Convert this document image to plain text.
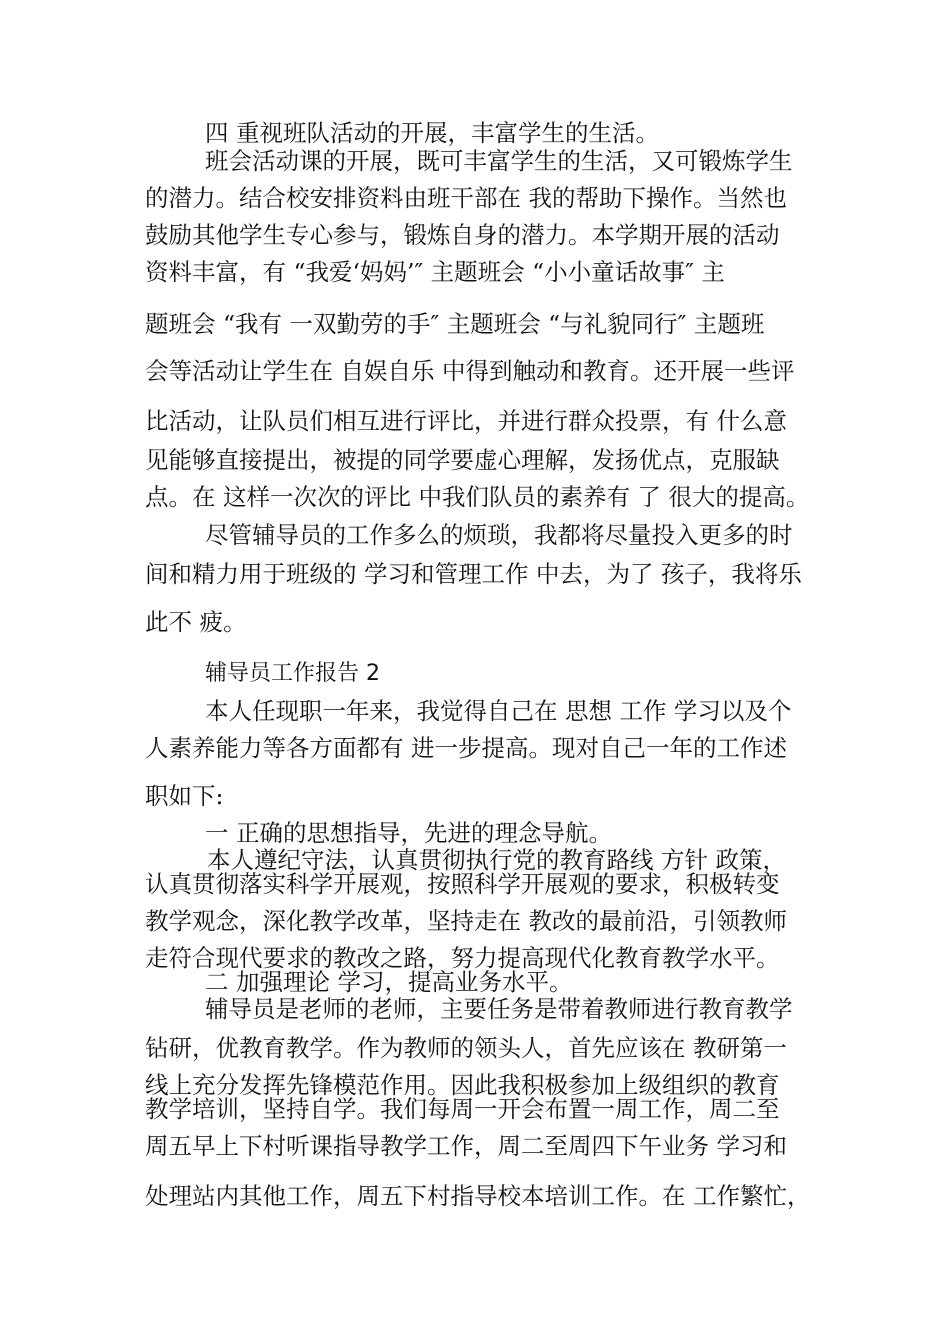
四 重视班队活动的开展，丰富学生的生活。

班会活动课的开展，既可丰富学生的生活，又可锻炼学生

的潜力。结合校安排资料由班干部在 我的帮助下操作。当然也

鼓励其他学生专心参与，锻炼自身的潜力。本学期开展的活动

资料丰富，有 “我爱‘妈妈’″ 主题班会 “小小童话故事″ 主

题班会 “我有 一双勤劳的手″ 主题班会 “与礼貌同行″ 主题班

会等活动让学生在 自娱自乐 中得到触动和教育。还开展一些评

比活动，让队员们相互进行评比，并进行群众投票，有 什么意

见能够直接提出，被提的同学要虚心理解，发扬优点，克服缺

点。在 这样一次次的评比 中我们队员的素养有 了 很大的提高。

尽管辅导员的工作多么的烦琐，我都将尽量投入更多的时

间和精力用于班级的 学习和管理工作 中去，为了 孩子，我将乐

此不 疲。

辅导员工作报告 2

本人任现职一年来，我觉得自己在 思想 工作 学习以及个

人素养能力等各方面都有 进一步提高。现对自己一年的工作述

职如下:

一 正确的思想指导，先进的理念导航。

本人遵纪守法，认真贯彻执行党的教育路线 方针 政策，

认真贯彻落实科学开展观，按照科学开展观的要求，积极转变

教学观念，深化教学改革，坚持走在 教改的最前沿，引领教师

走符合现代要求的教改之路，努力提高现代化教育教学水平。

二 加强理论 学习，提高业务水平。

辅导员是老师的老师，主要任务是带着教师进行教育教学

钻研，优教育教学。作为教师的领头人，首先应该在 教研第一

线上充分发挥先锋模范作用。因此我积极参加上级组织的教育

教学培训，坚持自学。我们每周一开会布置一周工作，周二至

周五早上下村听课指导教学工作，周二至周四下午业务 学习和

处理站内其他工作，周五下村指导校本培训工作。在 工作繁忙，
